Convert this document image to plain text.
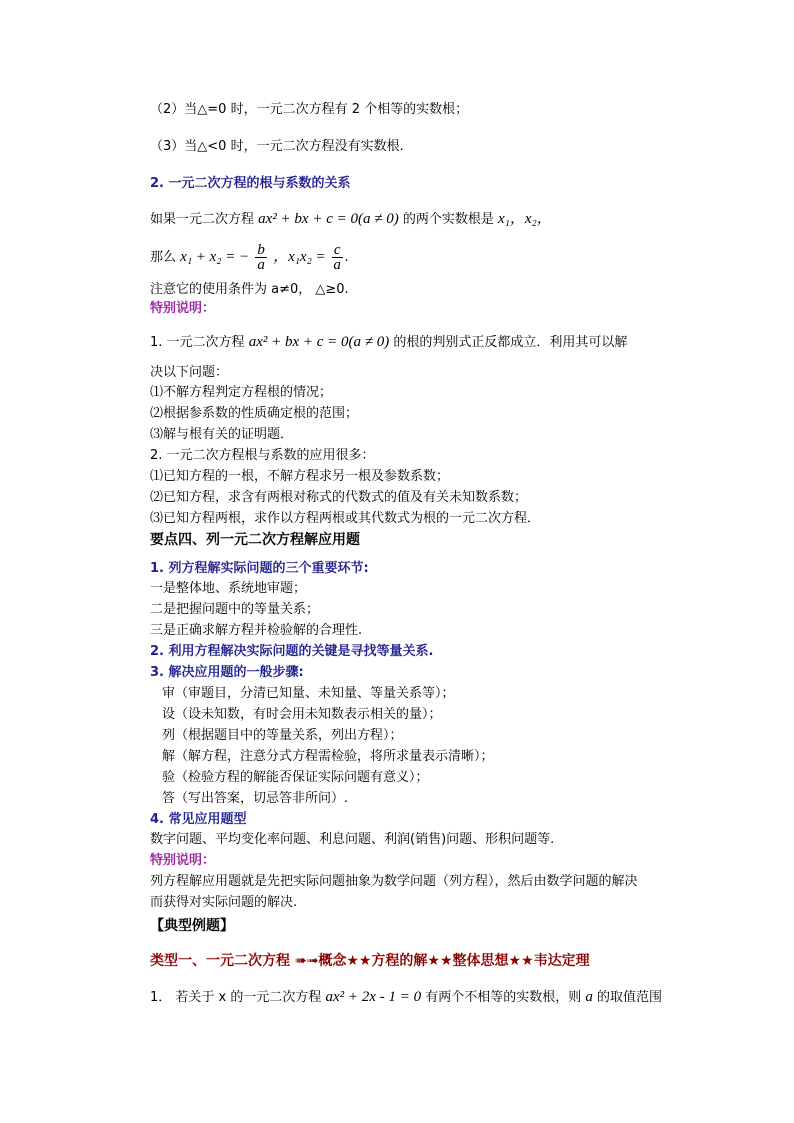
（2）当△=0 时，一元二次方程有 2 个相等的实数根；
（3）当△<0 时，一元二次方程没有实数根.
2. 一元二次方程的根与系数的关系
如果一元二次方程 ax² + bx + c = 0(a ≠ 0) 的两个实数根是 x₁，x₂，
那么 x₁ + x₂ = − $\frac{b}{a}$ ，$x_1x_2 = \frac{c}{a}$ .
注意它的使用条件为 a≠0， △≥0.
特别说明：
1. 一元二次方程 ax² + bx + c = 0(a ≠ 0) 的根的判别式正反都成立．利用其可以解
决以下问题：
⑴不解方程判定方程根的情况；
⑵根据参系数的性质确定根的范围；
⑶解与根有关的证明题．
2. 一元二次方程根与系数的应用很多：
⑴已知方程的一根，不解方程求另一根及参数系数；
⑵已知方程，求含有两根对称式的代数式的值及有关未知数系数；
⑶已知方程两根，求作以方程两根或其代数式为根的一元二次方程．
要点四、列一元二次方程解应用题
1. 列方程解实际问题的三个重要环节:
一是整体地、系统地审题；
二是把握问题中的等量关系；
三是正确求解方程并检验解的合理性.
2. 利用方程解决实际问题的关键是寻找等量关系.
3. 解决应用题的一般步骤:
审（审题目，分清已知量、未知量、等量关系等）；
设（设未知数，有时会用未知数表示相关的量）；
列（根据题目中的等量关系，列出方程）；
解（解方程，注意分式方程需检验，将所求量表示清晰）；
验（检验方程的解能否保证实际问题有意义）；
答（写出答案，切忌答非所问）.
4. 常见应用题型
数字问题、平均变化率问题、利息问题、利润(销售)问题、形积问题等.
特别说明：
列方程解应用题就是先把实际问题抽象为数学问题（列方程），然后由数学问题的解决
而获得对实际问题的解决.
【典型例题】
类型一、一元二次方程 ➠➟概念★★方程的解★★整体思想★★韦达定理
1． 若关于 x 的一元二次方程 ax² + 2x - 1 = 0 有两个不相等的实数根，则 a 的取值范围
